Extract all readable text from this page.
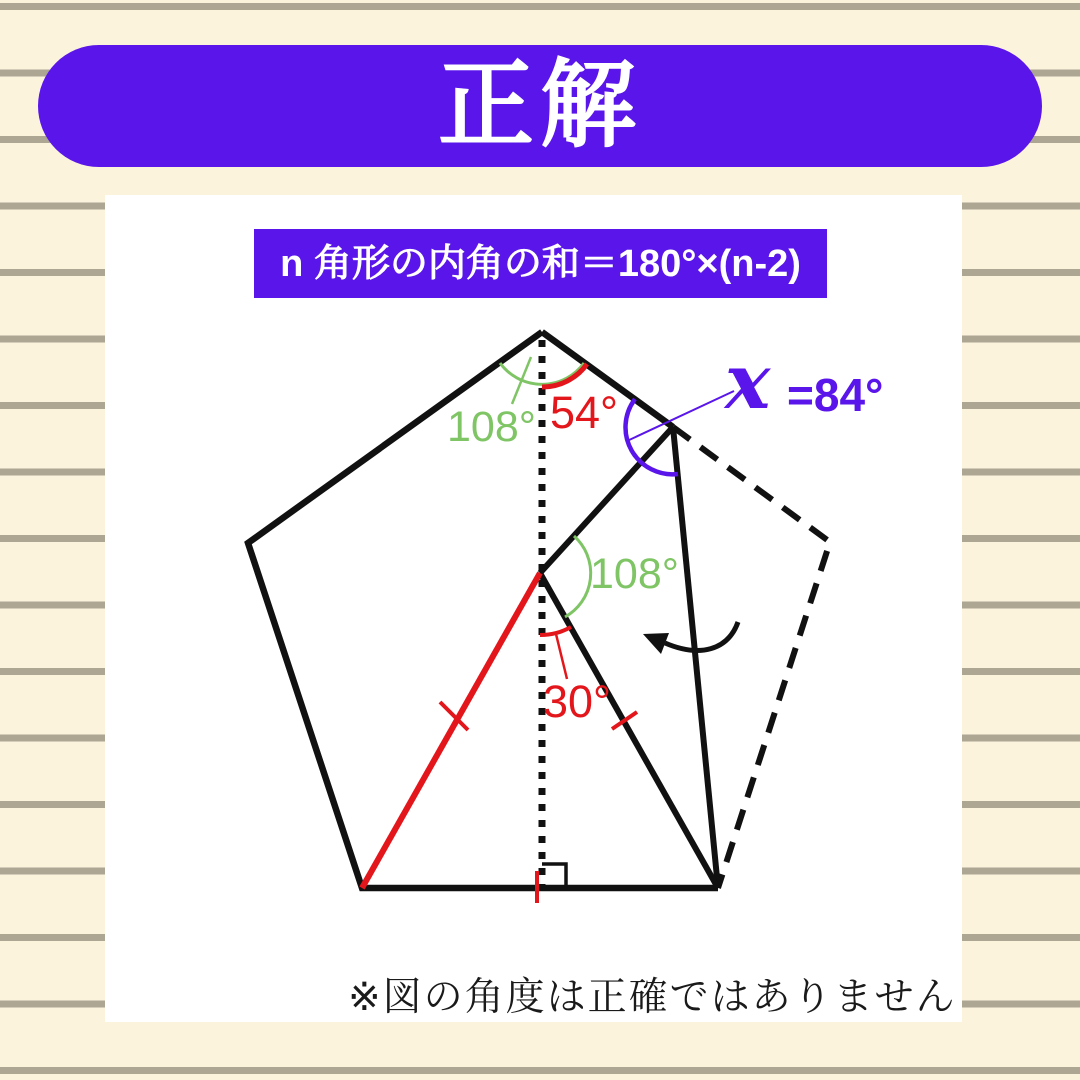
正解
n 角形の内角の和＝180°×(n-2)
108° 54° x =84°
108°
30°
※図の角度は正確ではありません
